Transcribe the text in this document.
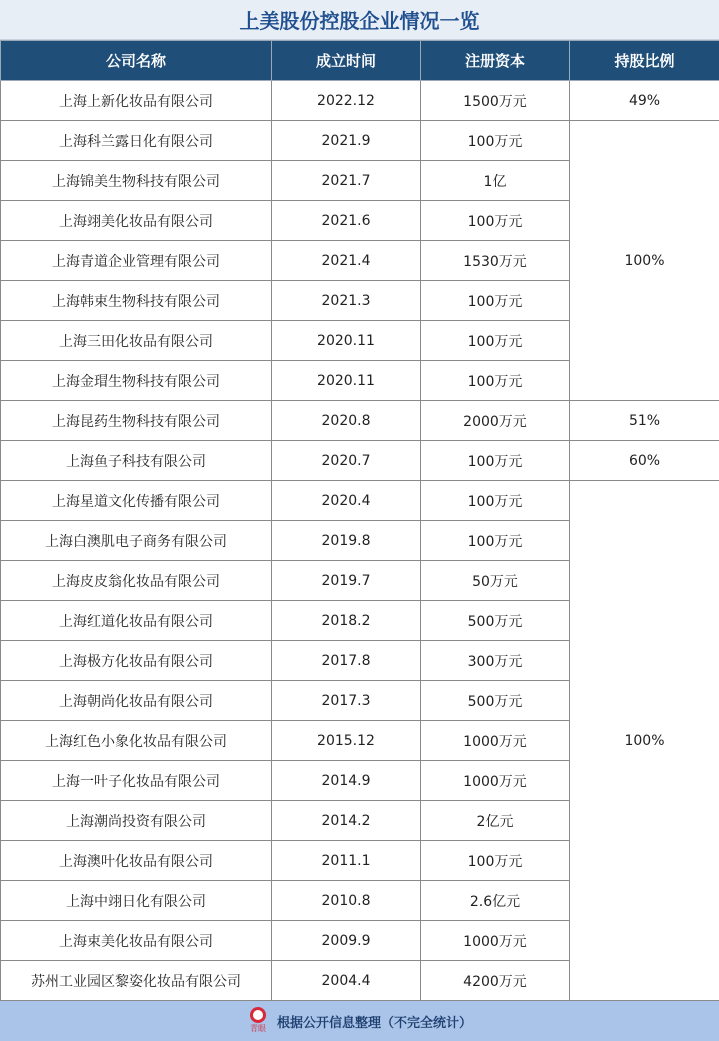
上美股份控股企业情况一览
公司名称	成立时间	注册资本	持股比例
上海上新化妆品有限公司	2022.12	1500万元	49%
上海科兰露日化有限公司	2021.9	100万元	100%
上海锦美生物科技有限公司	2021.7	1亿	
上海翊美化妆品有限公司	2021.6	100万元	
上海青道企业管理有限公司	2021.4	1530万元	
上海韩束生物科技有限公司	2021.3	100万元	
上海三田化妆品有限公司	2020.11	100万元	
上海金瑁生物科技有限公司	2020.11	100万元	
上海昆药生物科技有限公司	2020.8	2000万元	51%
上海鱼子科技有限公司	2020.7	100万元	60%
上海星道文化传播有限公司	2020.4	100万元	100%
上海白澳肌电子商务有限公司	2019.8	100万元	
上海皮皮翁化妆品有限公司	2019.7	50万元	
上海红道化妆品有限公司	2018.2	500万元	
上海极方化妆品有限公司	2017.8	300万元	
上海朝尚化妆品有限公司	2017.3	500万元	
上海红色小象化妆品有限公司	2015.12	1000万元	
上海一叶子化妆品有限公司	2014.9	1000万元	
上海潮尚投资有限公司	2014.2	2亿元	
上海澳叶化妆品有限公司	2011.1	100万元	
上海中翊日化有限公司	2010.8	2.6亿元	
上海束美化妆品有限公司	2009.9	1000万元	
苏州工业园区黎姿化妆品有限公司	2004.4	4200万元	
青眼 根据公开信息整理（不完全统计）
